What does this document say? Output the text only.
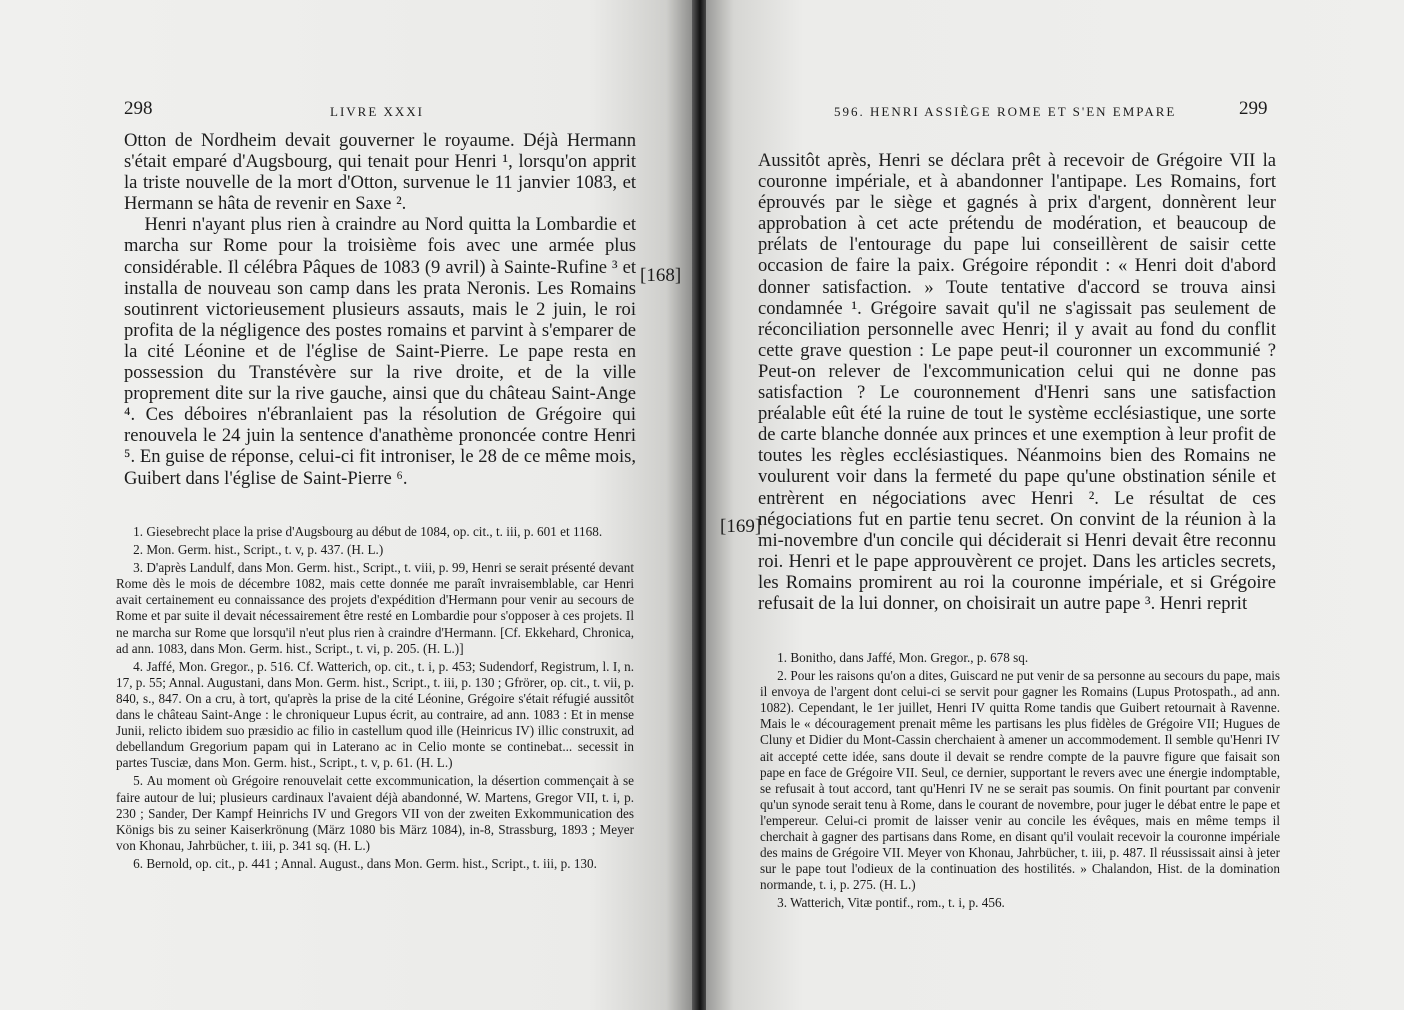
298	LIVRE XXXI

Otton de Nordheim devait gouverner le royaume. Déjà Hermann s'était emparé d'Augsbourg, qui tenait pour Henri ¹, lorsqu'on apprit la triste nouvelle de la mort d'Otton, survenue le 11 janvier 1083, et Hermann se hâta de revenir en Saxe ².

Henri n'ayant plus rien à craindre au Nord quitta la Lombardie et marcha sur Rome pour la troisième fois avec une armée plus considérable. Il célébra Pâques de 1083 (9 avril) à Sainte-Rufine ³ et installa de nouveau son camp dans les prata Neronis. Les Romains soutinrent victorieusement plusieurs assauts, mais le 2 juin, le roi profita de la négligence des postes romains et parvint à s'emparer de la cité Léonine et de l'église de Saint-Pierre. Le pape resta en possession du Transtévère sur la rive droite, et de la ville proprement dite sur la rive gauche, ainsi que du château Saint-Ange ⁴. Ces déboires n'ébranlaient pas la résolution de Grégoire qui renouvela le 24 juin la sentence d'anathème prononcée contre Henri ⁵. En guise de réponse, celui-ci fit introniser, le 28 de ce même mois, Guibert dans l'église de Saint-Pierre ⁶.

[168]

1. Giesebrecht place la prise d'Augsbourg au début de 1084, op. cit., t. iii, p. 601 et 1168.

2. Mon. Germ. hist., Script., t. v, p. 437. (H. L.)

3. D'après Landulf, dans Mon. Germ. hist., Script., t. viii, p. 99, Henri se serait présenté devant Rome dès le mois de décembre 1082, mais cette donnée me paraît invraisemblable, car Henri avait certainement eu connaissance des projets d'expédition d'Hermann pour venir au secours de Rome et par suite il devait nécessairement être resté en Lombardie pour s'opposer à ces projets. Il ne marcha sur Rome que lorsqu'il n'eut plus rien à craindre d'Hermann. [Cf. Ekkehard, Chronica, ad ann. 1083, dans Mon. Germ. hist., Script., t. vi, p. 205. (H. L.)]

4. Jaffé, Mon. Gregor., p. 516. Cf. Watterich, op. cit., t. i, p. 453; Sudendorf, Registrum, l. I, n. 17, p. 55; Annal. Augustani, dans Mon. Germ. hist., Script., t. iii, p. 130 ; Gfrörer, op. cit., t. vii, p. 840, s., 847. On a cru, à tort, qu'après la prise de la cité Léonine, Grégoire s'était réfugié aussitôt dans le château Saint-Ange : le chroniqueur Lupus écrit, au contraire, ad ann. 1083 : Et in mense Junii, relicto ibidem suo præsidio ac filio in castellum quod ille (Heinricus IV) illic construxit, ad debellandum Gregorium papam qui in Laterano ac in Celio monte se continebat... secessit in partes Tusciæ, dans Mon. Germ. hist., Script., t. v, p. 61. (H. L.)

5. Au moment où Grégoire renouvelait cette excommunication, la désertion commençait à se faire autour de lui; plusieurs cardinaux l'avaient déjà abandonné, W. Martens, Gregor VII, t. i, p. 230 ; Sander, Der Kampf Heinrichs IV und Gregors VII von der zweiten Exkommunication des Königs bis zu seiner Kaiserkrönung (März 1080 bis März 1084), in-8, Strassburg, 1893 ; Meyer von Khonau, Jahrbücher, t. iii, p. 341 sq. (H. L.)

6. Bernold, op. cit., p. 441 ; Annal. August., dans Mon. Germ. hist., Script., t. iii, p. 130.

596. HENRI ASSIÈGE ROME ET S'EN EMPARE	299
[169]

Aussitôt après, Henri se déclara prêt à recevoir de Grégoire VII la couronne impériale, et à abandonner l'antipape. Les Romains, fort éprouvés par le siège et gagnés à prix d'argent, donnèrent leur approbation à cet acte prétendu de modération, et beaucoup de prélats de l'entourage du pape lui conseillèrent de saisir cette occasion de faire la paix. Grégoire répondit : « Henri doit d'abord donner satisfaction. » Toute tentative d'accord se trouva ainsi condamnée ¹. Grégoire savait qu'il ne s'agissait pas seulement de réconciliation personnelle avec Henri; il y avait au fond du conflit cette grave question : Le pape peut-il couronner un excommunié ? Peut-on relever de l'excommunication celui qui ne donne pas satisfaction ? Le couronnement d'Henri sans une satisfaction préalable eût été la ruine de tout le système ecclésiastique, une sorte de carte blanche donnée aux princes et une exemption à leur profit de toutes les règles ecclésiastiques. Néanmoins bien des Romains ne voulurent voir dans la fermeté du pape qu'une obstination sénile et entrèrent en négociations avec Henri ². Le résultat de ces négociations fut en partie tenu secret. On convint de la réunion à la mi-novembre d'un concile qui déciderait si Henri devait être reconnu roi. Henri et le pape approuvèrent ce projet. Dans les articles secrets, les Romains promirent au roi la couronne impériale, et si Grégoire refusait de la lui donner, on choisirait un autre pape ³. Henri reprit

1. Bonitho, dans Jaffé, Mon. Gregor., p. 678 sq.

2. Pour les raisons qu'on a dites, Guiscard ne put venir de sa personne au secours du pape, mais il envoya de l'argent dont celui-ci se servit pour gagner les Romains (Lupus Protospath., ad ann. 1082). Cependant, le 1er juillet, Henri IV quitta Rome tandis que Guibert retournait à Ravenne. Mais le « découragement prenait même les partisans les plus fidèles de Grégoire VII; Hugues de Cluny et Didier du Mont-Cassin cherchaient à amener un accommodement. Il semble qu'Henri IV ait accepté cette idée, sans doute il devait se rendre compte de la pauvre figure que faisait son pape en face de Grégoire VII. Seul, ce dernier, supportant le revers avec une énergie indomptable, se refusait à tout accord, tant qu'Henri IV ne se serait pas soumis. On finit pourtant par convenir qu'un synode serait tenu à Rome, dans le courant de novembre, pour juger le débat entre le pape et l'empereur. Celui-ci promit de laisser venir au concile les évêques, mais en même temps il cherchait à gagner des partisans dans Rome, en disant qu'il voulait recevoir la couronne impériale des mains de Grégoire VII. Meyer von Khonau, Jahrbücher, t. iii, p. 487. Il réussissait ainsi à jeter sur le pape tout l'odieux de la continuation des hostilités. » Chalandon, Hist. de la domination normande, t. i, p. 275. (H. L.)

3. Watterich, Vitæ pontif., rom., t. i, p. 456.
